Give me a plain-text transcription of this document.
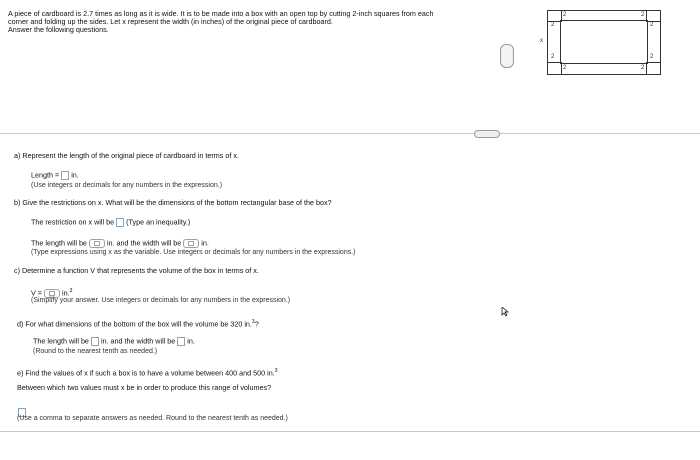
A piece of cardboard is 2.7 times as long as it is wide. It is to be made into a box with an open top by cutting 2-inch squares from each
corner and folding up the sides. Let x represent the width (in inches) of the original piece of cardboard.
Answer the following questions.
x
2
2
2
2
2
2	2
2
a) Represent the length of the original piece of cardboard in terms of x.
Length = in.
(Use integers or decimals for any numbers in the expression.)
b) Give the restrictions on x. What will be the dimensions of the bottom rectangular base of the box?
The restriction on x will be (Type an inequality.)
The length will be	in. and the width will be	in.
(Type expressions using x as the variable. Use integers or decimals for any numbers in the expressions.)
c) Determine a function V that represents the volume of the box in terms of x.
V =	in.$^3$
(Simplify your answer. Use integers or decimals for any numbers in the expression.)
d) For what dimensions of the bottom of the box will the volume be 320 in.$^3$?
The length will be in. and the width will be in.
(Round to the nearest tenth as needed.)
e) Find the values of x if such a box is to have a volume between 400 and 500 in.$^3$
Between which two values must x be in order to produce this range of volumes?
(Use a comma to separate answers as needed. Round to the nearest tenth as needed.)
